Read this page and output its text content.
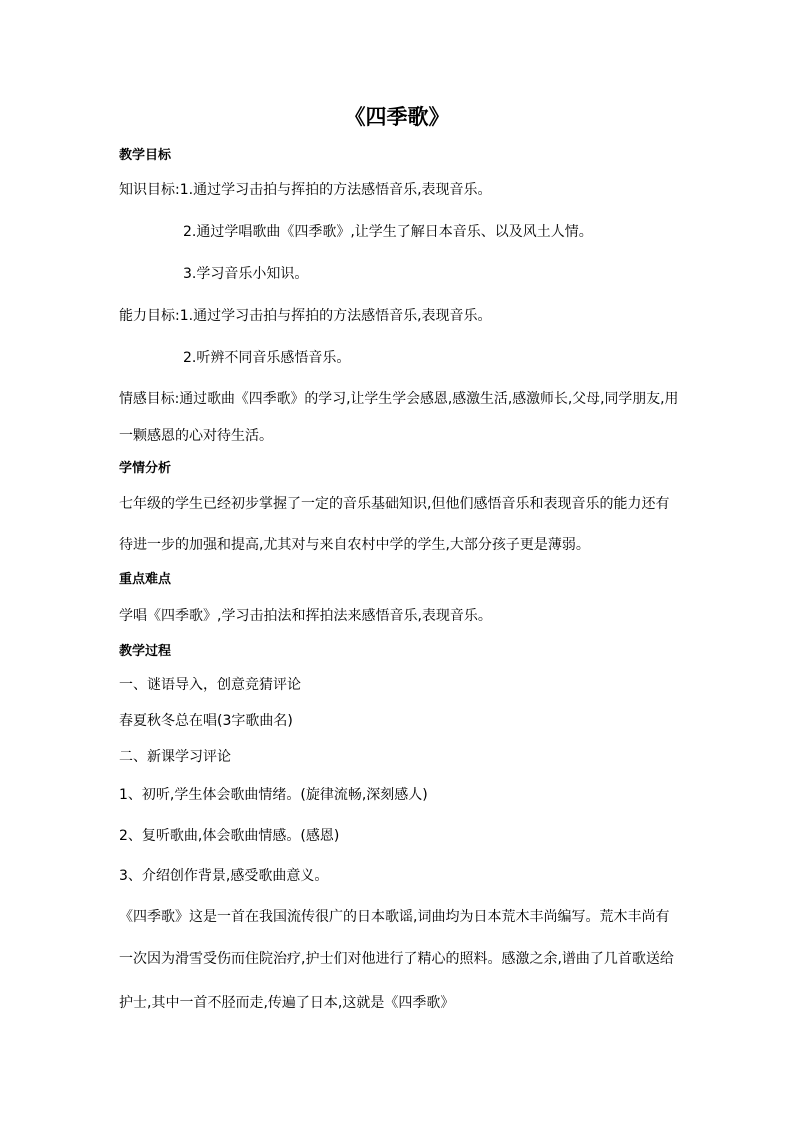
《四季歌》
教学目标
知识目标:1.通过学习击拍与挥拍的方法感悟音乐,表现音乐。
2.通过学唱歌曲《四季歌》,让学生了解日本音乐、以及风土人情。
3.学习音乐小知识。
能力目标:1.通过学习击拍与挥拍的方法感悟音乐,表现音乐。
2.听辨不同音乐感悟音乐。
情感目标:通过歌曲《四季歌》的学习,让学生学会感恩,感激生活,感激师长,父母,同学朋友,用
一颗感恩的心对待生活。
学情分析
七年级的学生已经初步掌握了一定的音乐基础知识,但他们感悟音乐和表现音乐的能力还有
待进一步的加强和提高,尤其对与来自农村中学的学生,大部分孩子更是薄弱。
重点难点
学唱《四季歌》,学习击拍法和挥拍法来感悟音乐,表现音乐。
教学过程
一、谜语导入，创意竞猜评论
春夏秋冬总在唱(3字歌曲名)
二、新课学习评论
1、初听,学生体会歌曲情绪。(旋律流畅,深刻感人)
2、复听歌曲,体会歌曲情感。(感恩)
3、介绍创作背景,感受歌曲意义。
《四季歌》这是一首在我国流传很广的日本歌谣,词曲均为日本荒木丰尚编写。荒木丰尚有
一次因为滑雪受伤而住院治疗,护士们对他进行了精心的照料。感激之余,谱曲了几首歌送给
护士,其中一首不胫而走,传遍了日本,这就是《四季歌》
